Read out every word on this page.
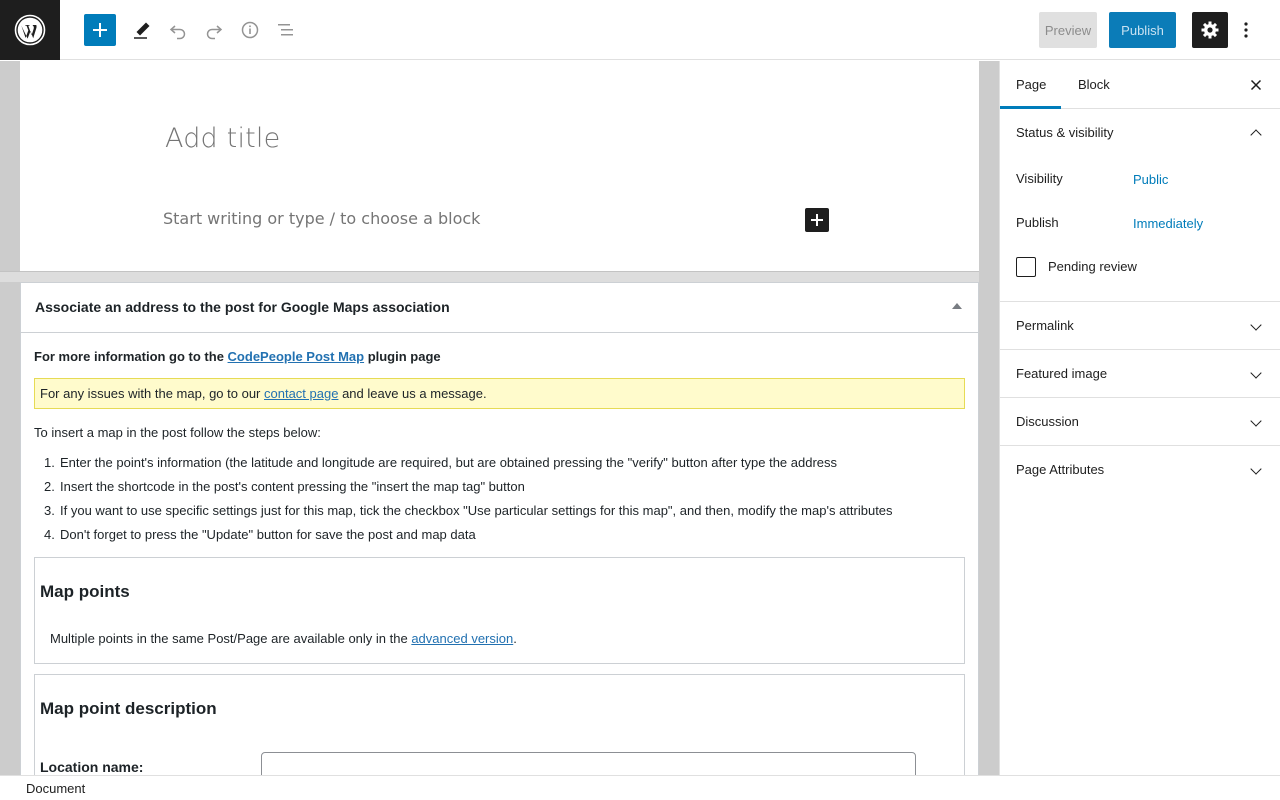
Preview	Publish
Add title
Start writing or type / to choose a block
Associate an address to the post for Google Maps association
For more information go to the CodePeople Post Map plugin page
For any issues with the map, go to our contact page and leave us a message.
To insert a map in the post follow the steps below:
1. Enter the point's information (the latitude and longitude are required, but are obtained pressing the "verify" button after type the address
2. Insert the shortcode in the post's content pressing the "insert the map tag" button
3. If you want to use specific settings just for this map, tick the checkbox "Use particular settings for this map", and then, modify the map's attributes
4. Don't forget to press the "Update" button for save the post and map data
Map points

Multiple points in the same Post/Page are available only in the advanced version.

Map point description
Location name:
Page Block
Status & visibility
Visibility	Public
Publish	Immediately
Pending review
Permalink
Featured image
Discussion
Page Attributes
Document
